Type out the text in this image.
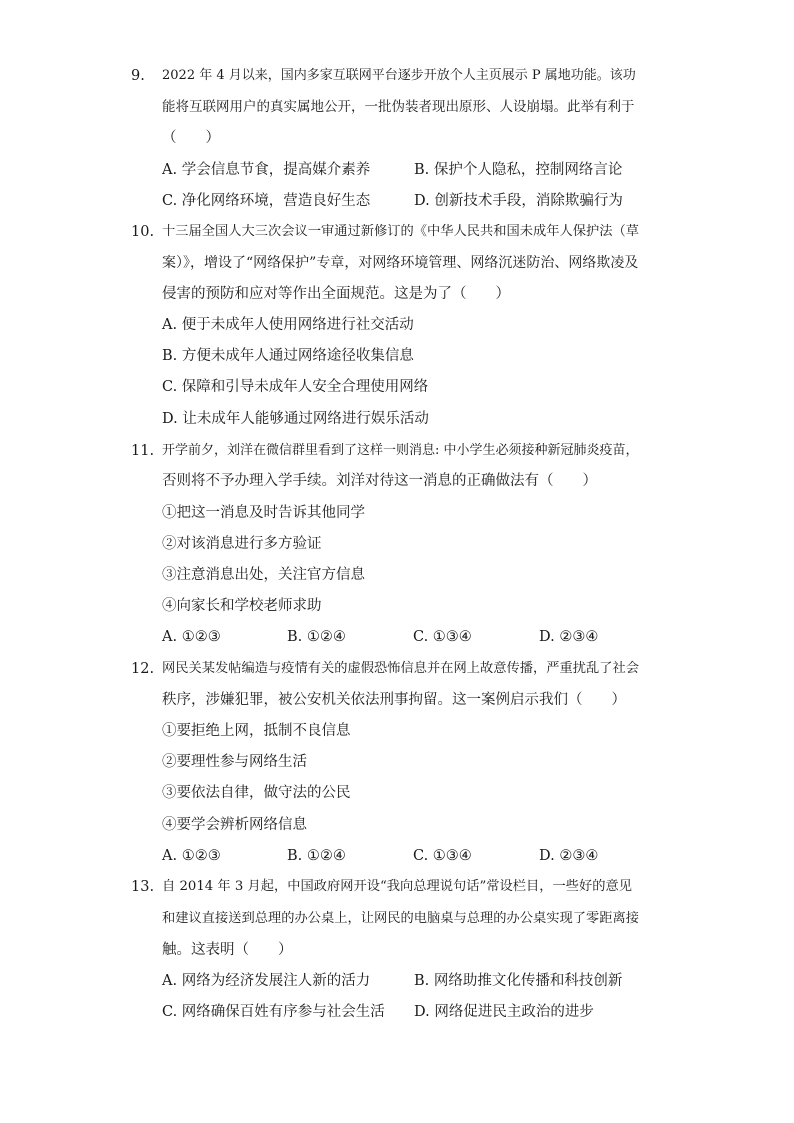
9. 2022 年 4 月以来，国内多家互联网平台逐步开放个人主页展示 P 属地功能。该功
能将互联网用户的真实属地公开，一批伪装者现出原形、人设崩塌。此举有利于
（　　）
A. 学会信息节食，提高媒介素养	B. 保护个人隐私，控制网络言论
C. 净化网络环境，营造良好生态	D. 创新技术手段，消除欺骗行为
10. 十三届全国人大三次会议一审通过新修订的《中华人民共和国未成年人保护法（草
案）》，增设了“网络保护”专章，对网络环境管理、网络沉迷防治、网络欺凌及
侵害的预防和应对等作出全面规范。这是为了（　　）
A. 便于未成年人使用网络进行社交活动
B. 方便未成年人通过网络途径收集信息
C. 保障和引导未成年人安全合理使用网络
D. 让未成年人能够通过网络进行娱乐活动
11. 开学前夕，刘洋在微信群里看到了这样一则消息: 中小学生必须接种新冠肺炎疫苗，
否则将不予办理入学手续。刘洋对待这一消息的正确做法有（　　）
①把这一消息及时告诉其他同学
②对该消息进行多方验证
③注意消息出处，关注官方信息
④向家长和学校老师求助
A. ①②③	B. ①②④	C. ①③④	D. ②③④
12. 网民关某发帖编造与疫情有关的虚假恐怖信息并在网上故意传播，严重扰乱了社会
秩序，涉嫌犯罪，被公安机关依法刑事拘留。这一案例启示我们（　　）
①要拒绝上网，抵制不良信息
②要理性参与网络生活
③要依法自律，做守法的公民
④要学会辨析网络信息
A. ①②③	B. ①②④	C. ①③④	D. ②③④
13. 自 2014 年 3 月起，中国政府网开设“我向总理说句话”常设栏目，一些好的意见
和建议直接送到总理的办公桌上，让网民的电脑桌与总理的办公桌实现了零距离接
触。这表明（　　）
A. 网络为经济发展注人新的活力	B. 网络助推文化传播和科技创新
C. 网络确保百姓有序参与社会生活 D. 网络促进民主政治的进步
